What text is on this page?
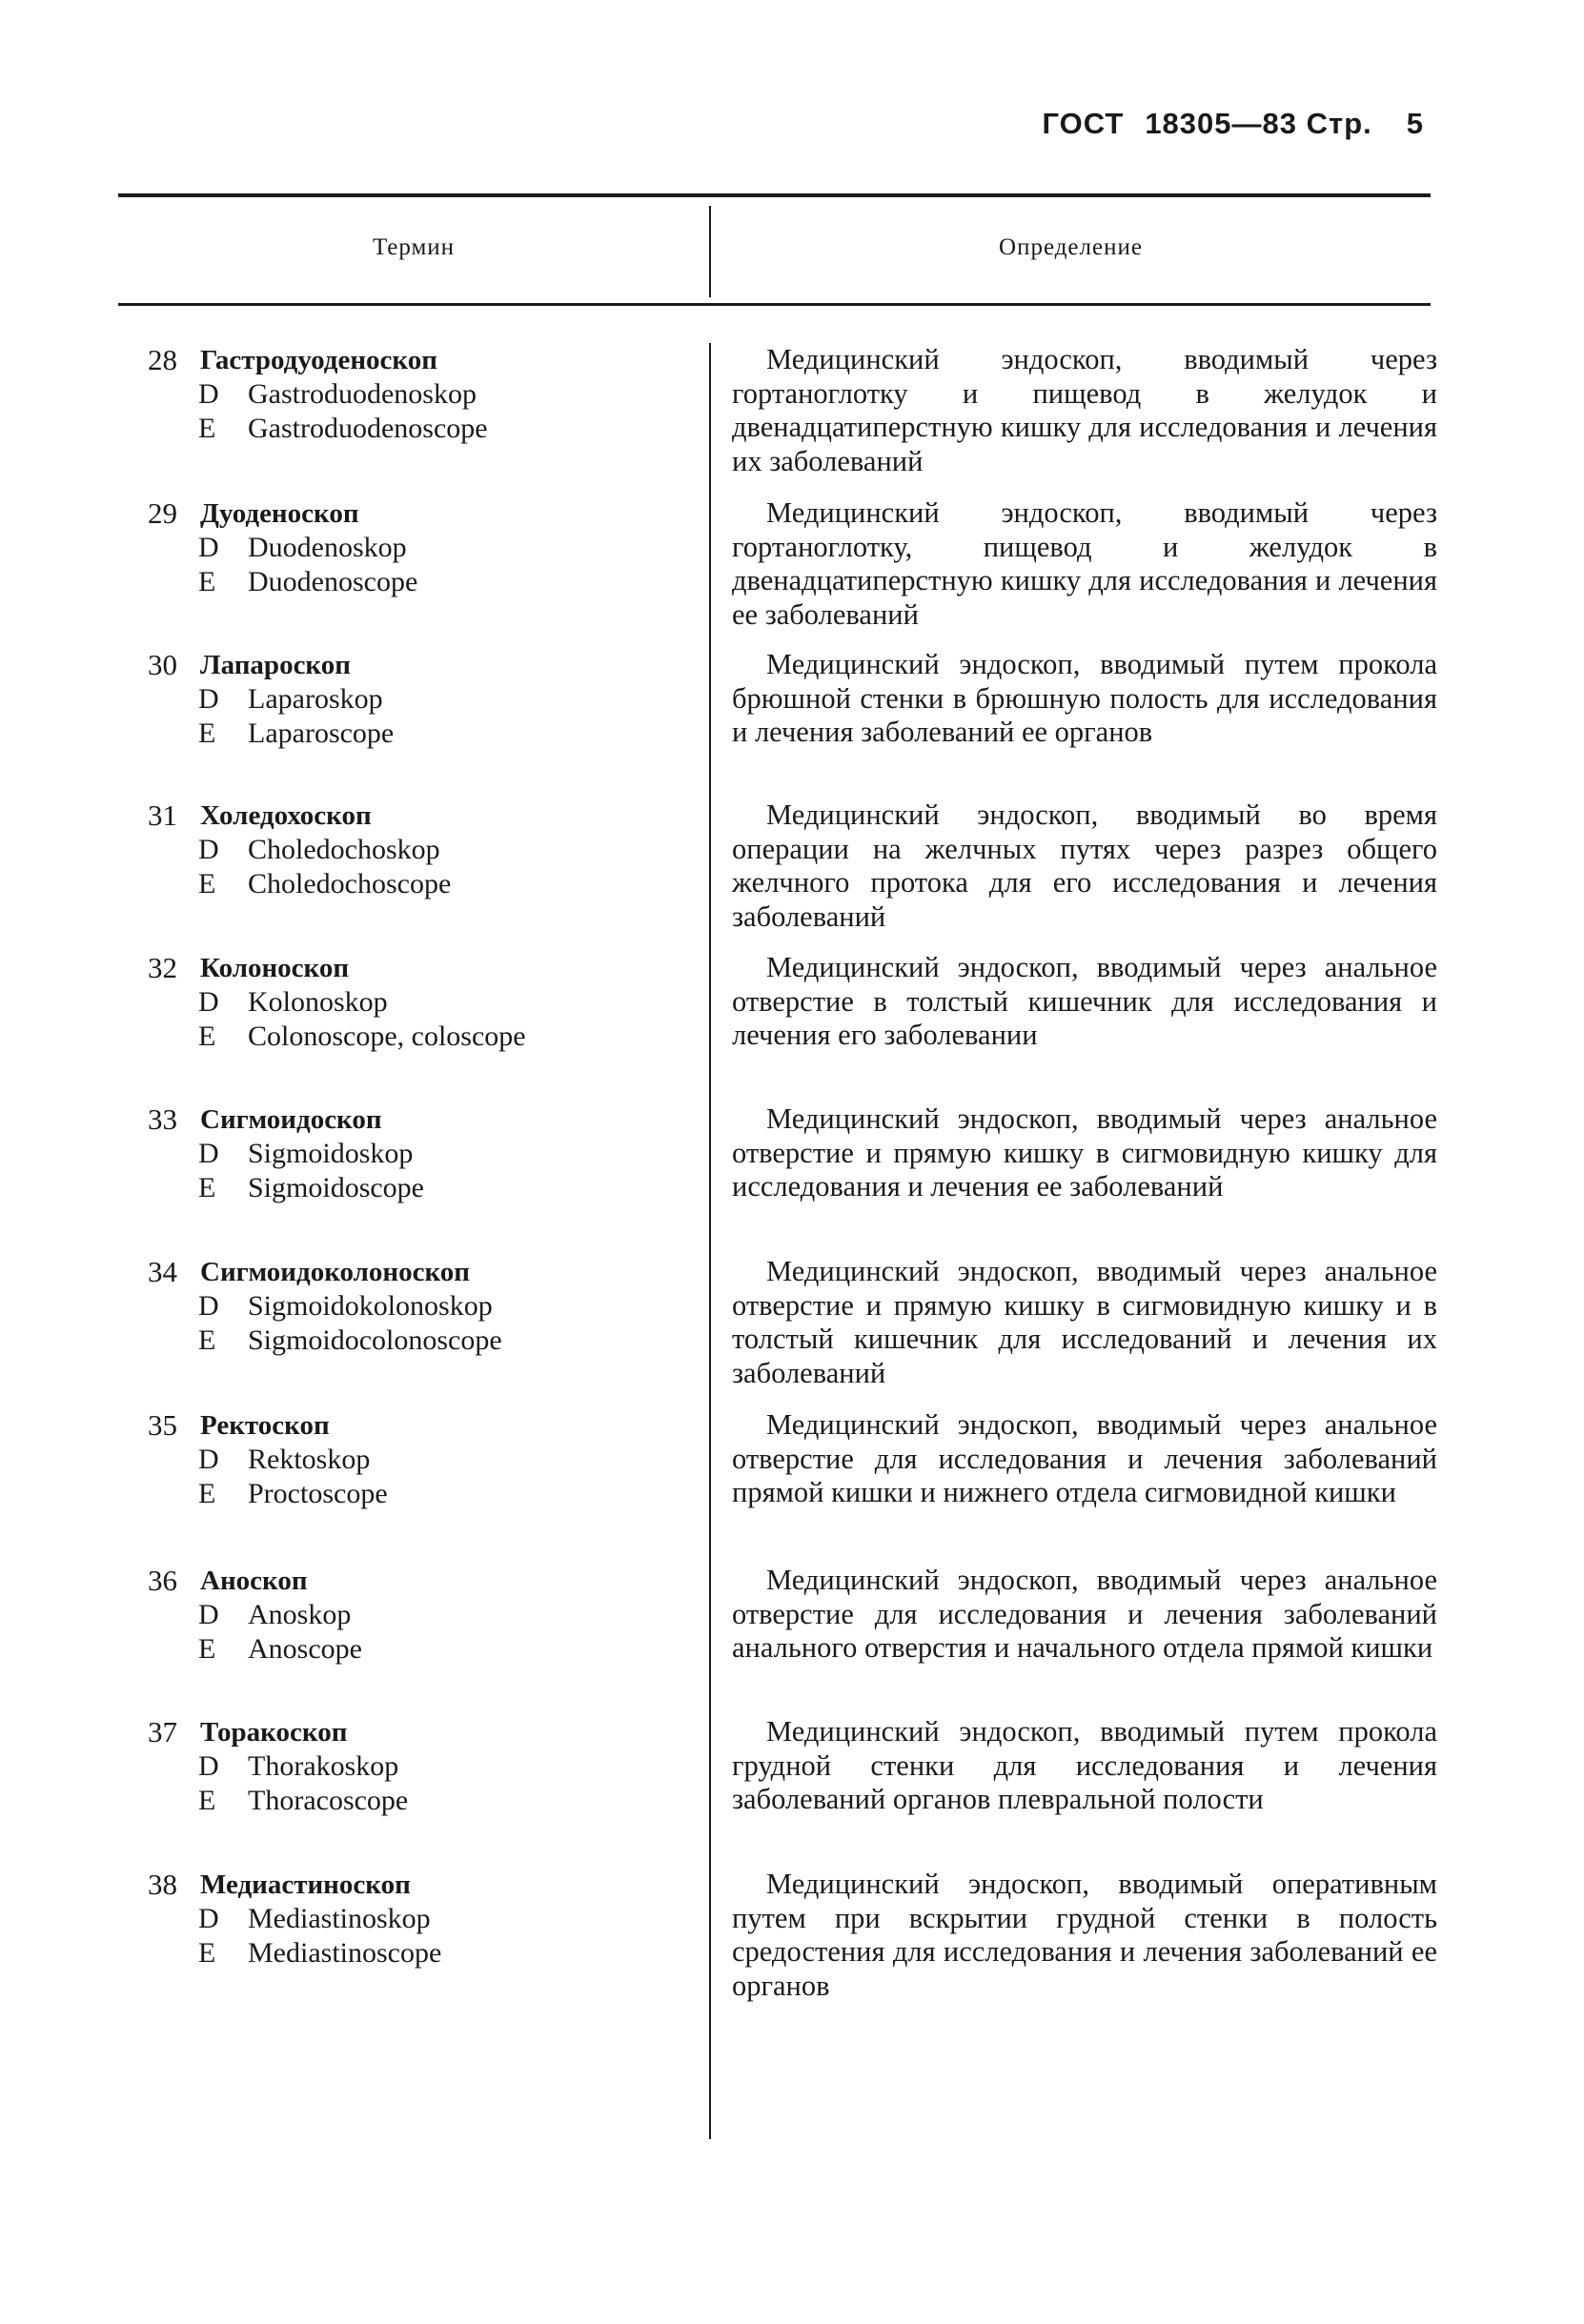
ГОСТ 18305—83 Стр. 5
Термин	Определение
28 Гастродуоденоскоп
D Gastroduodenoskop
E Gastroduodenoscope
Медицинский эндоскоп, вводимый через гортаноглотку и пищевод в желудок и двенадцатиперстную кишку для исследования и лечения их заболеваний
29 Дуоденоскоп
D Duodenoskop
E Duodenoscope
Медицинский эндоскоп, вводимый через гортаноглотку, пищевод и желудок в двенадцатиперстную кишку для исследования и лечения ее заболеваний
30 Лапароскоп
D Laparoskop
E Laparoscope
Медицинский эндоскоп, вводимый путем прокола брюшной стенки в брюшную полость для исследования и лечения заболеваний ее органов
31 Холедохоскоп
D Choledochoskop
E Choledochoscope
Медицинский эндоскоп, вводимый во время операции на желчных путях через разрез общего желчного протока для его исследования и лечения заболеваний
32 Колоноскоп
D Kolonoskop
E Colonoscope, coloscope
Медицинский эндоскоп, вводимый через анальное отверстие в толстый кишечник для исследования и лечения его заболевании
33 Сигмоидоскоп
D Sigmoidoskop
E Sigmoidoscope
Медицинский эндоскоп, вводимый через анальное отверстие и прямую кишку в сигмовидную кишку для исследования и лечения ее заболеваний
34 Сигмоидоколоноскоп
D Sigmoidokolonoskop
E Sigmoidocolonoscope
Медицинский эндоскоп, вводимый через анальное отверстие и прямую кишку в сигмовидную кишку и в толстый кишечник для исследований и лечения их заболеваний
35 Ректоскоп
D Rektoskop
E Proctoscope
Медицинский эндоскоп, вводимый через анальное отверстие для исследования и лечения заболеваний прямой кишки и нижнего отдела сигмовидной кишки
36 Аноскоп
D Anoskop
E Anoscope
Медицинский эндоскоп, вводимый через анальное отверстие для исследования и лечения заболеваний анального отверстия и начального отдела прямой кишки
37 Торакоскоп
D Thorakoskop
E Thoracoscope
Медицинский эндоскоп, вводимый путем прокола грудной стенки для исследования и лечения заболеваний органов плевральной полости
38 Медиастиноскоп
D Mediastinoskop
E Mediastinoscope
Медицинский эндоскоп, вводимый оперативным путем при вскрытии грудной стенки в полость средостения для исследования и лечения заболеваний ее органов
